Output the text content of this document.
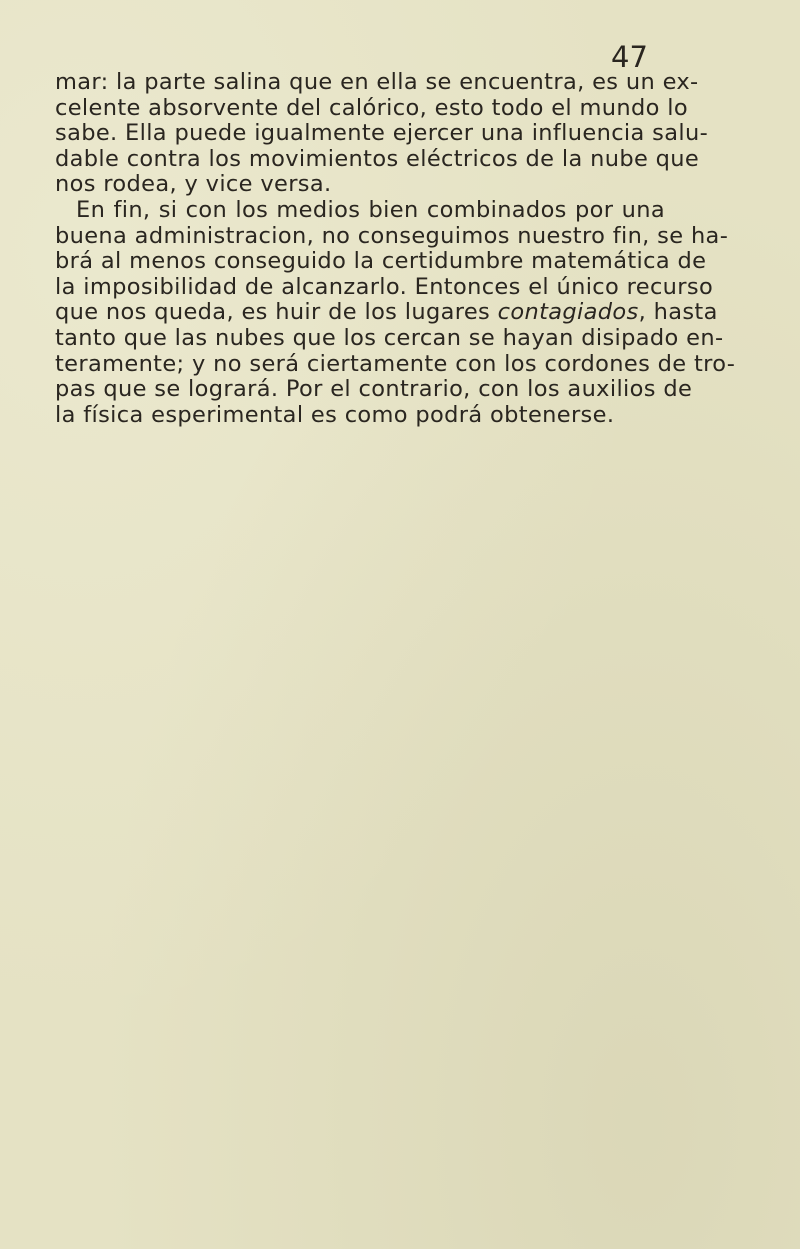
47
mar: la parte salina que en ella se encuentra, es un ex-
celente absorvente del calórico, esto todo el mundo lo
sabe. Ella puede igualmente ejercer una influencia salu-
dable contra los movimientos eléctricos de la nube que
nos rodea, y vice versa.
En fin, si con los medios bien combinados por una
buena administracion, no conseguimos nuestro fin, se ha-
brá al menos conseguido la certidumbre matemática de
la imposibilidad de alcanzarlo. Entonces el único recurso
que nos queda, es huir de los lugares contagiados, hasta
tanto que las nubes que los cercan se hayan disipado en-
teramente; y no será ciertamente con los cordones de tro-
pas que se logrará. Por el contrario, con los auxilios de
la física esperimental es como podrá obtenerse.
